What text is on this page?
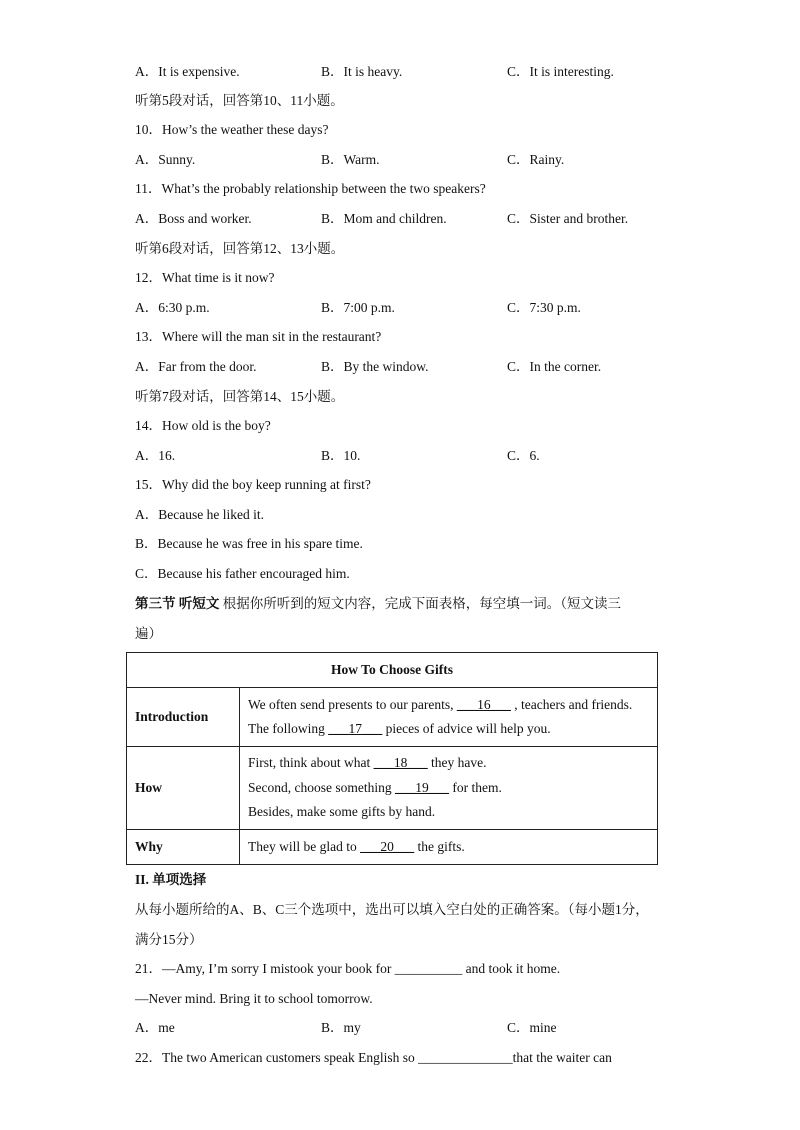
A．It is expensive.	B．It is heavy.	C．It is interesting.
听第5段对话，回答第10、11小题。
10．How’s the weather these days?
A．Sunny.	B．Warm.	C．Rainy.
11．What’s the probably relationship between the two speakers?
A．Boss and worker.	B．Mom and children.	C．Sister and brother.
听第6段对话，回答第12、13小题。
12．What time is it now?
A．6:30 p.m.	B．7:00 p.m.	C．7:30 p.m.
13．Where will the man sit in the restaurant?
A．Far from the door.	B．By the window.	C．In the corner.
听第7段对话，回答第14、15小题。
14．How old is the boy?
A．16.	B．10.	C．6.
15．Why did the boy keep running at first?
A．Because he liked it.
B．Because he was free in his spare time.
C．Because his father encouraged him.
第三节 听短文 根据你所听到的短文内容，完成下面表格，每空填一词。（短文读三
遍）
How To Choose Gifts	
Introduction	We often send presents to our parents, ___16___ , teachers and friends.
The following ___17___ pieces of advice will help you.

How	First, think about what ___18___ they have.
Second, choose something ___19___ for them.
Besides, make some gifts by hand.

Why	They will be glad to ___20___ the gifts.
II. 单项选择
从每小题所给的A、B、C三个选项中，选出可以填入空白处的正确答案。（每小题1分，
满分15分）
21．—Amy, I’m sorry I mistook your book for __________ and took it home.
—Never mind. Bring it to school tomorrow.
A．me	B．my	C．mine
22．The two American customers speak English so ______________that the waiter can
